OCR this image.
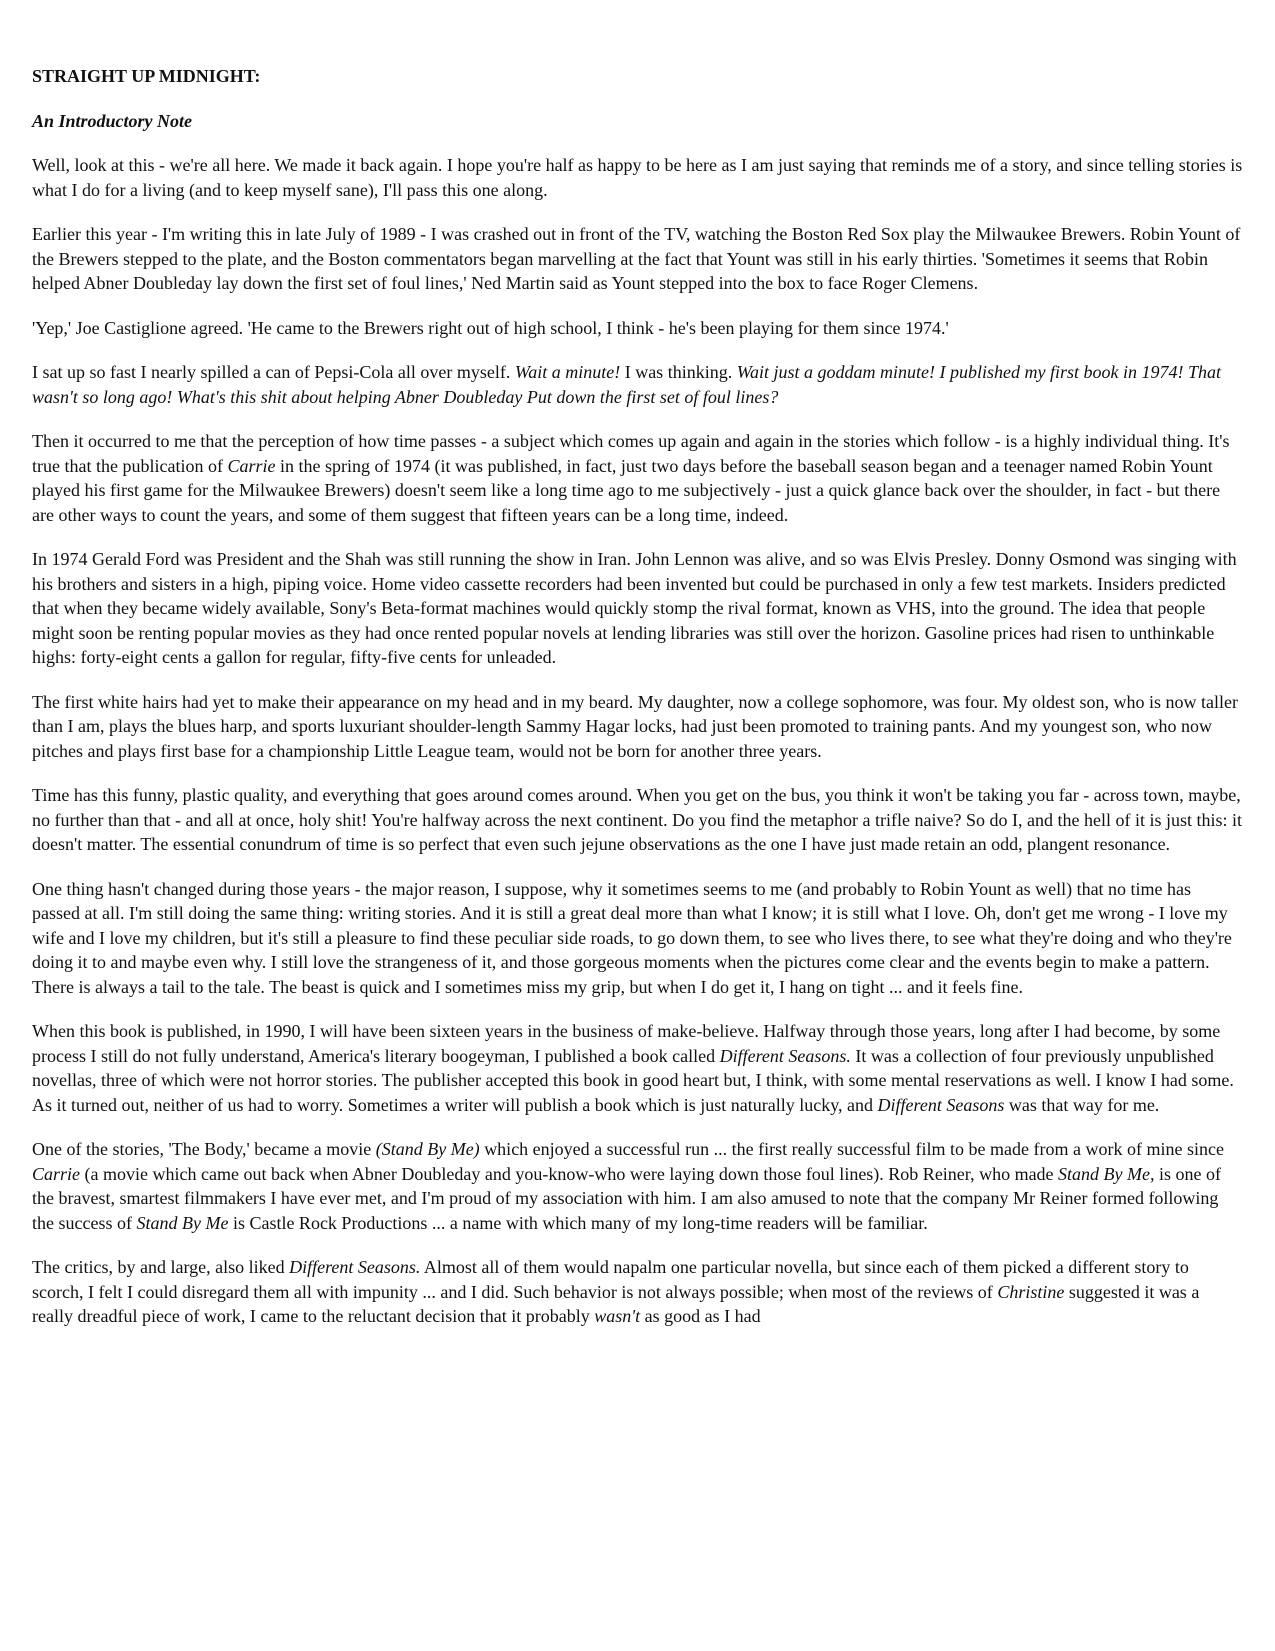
STRAIGHT UP MIDNIGHT:
An Introductory Note

Well, look at this - we're all here. We made it back again. I hope you're half as happy to be here as I am just saying that reminds me of a story, and since telling stories is what I do for a living (and to keep myself sane), I'll pass this one along.

Earlier this year - I'm writing this in late July of 1989 - I was crashed out in front of the TV, watching the Boston Red Sox play the Milwaukee Brewers. Robin Yount of the Brewers stepped to the plate, and the Boston commentators began marvelling at the fact that Yount was still in his early thirties. 'Sometimes it seems that Robin helped Abner Doubleday lay down the first set of foul lines,' Ned Martin said as Yount stepped into the box to face Roger Clemens.

'Yep,' Joe Castiglione agreed. 'He came to the Brewers right out of high school, I think - he's been playing for them since 1974.'

I sat up so fast I nearly spilled a can of Pepsi-Cola all over myself. Wait a minute! I was thinking. Wait just a goddam minute! I published my first book in 1974! That wasn't so long ago! What's this shit about helping Abner Doubleday Put down the first set of foul lines?

Then it occurred to me that the perception of how time passes - a subject which comes up again and again in the stories which follow - is a highly individual thing. It's true that the publication of Carrie in the spring of 1974 (it was published, in fact, just two days before the baseball season began and a teenager named Robin Yount played his first game for the Milwaukee Brewers) doesn't seem like a long time ago to me subjectively - just a quick glance back over the shoulder, in fact - but there are other ways to count the years, and some of them suggest that fifteen years can be a long time, indeed.

In 1974 Gerald Ford was President and the Shah was still running the show in Iran. John Lennon was alive, and so was Elvis Presley. Donny Osmond was singing with his brothers and sisters in a high, piping voice. Home video cassette recorders had been invented but could be purchased in only a few test markets. Insiders predicted that when they became widely available, Sony's Beta-format machines would quickly stomp the rival format, known as VHS, into the ground. The idea that people might soon be renting popular movies as they had once rented popular novels at lending libraries was still over the horizon. Gasoline prices had risen to unthinkable highs: forty-eight cents a gallon for regular, fifty-five cents for unleaded.

The first white hairs had yet to make their appearance on my head and in my beard. My daughter, now a college sophomore, was four. My oldest son, who is now taller than I am, plays the blues harp, and sports luxuriant shoulder-length Sammy Hagar locks, had just been promoted to training pants. And my youngest son, who now pitches and plays first base for a championship Little League team, would not be born for another three years.

Time has this funny, plastic quality, and everything that goes around comes around. When you get on the bus, you think it won't be taking you far - across town, maybe, no further than that - and all at once, holy shit! You're halfway across the next continent. Do you find the metaphor a trifle naive? So do I, and the hell of it is just this: it doesn't matter. The essential conundrum of time is so perfect that even such jejune observations as the one I have just made retain an odd, plangent resonance.

One thing hasn't changed during those years - the major reason, I suppose, why it sometimes seems to me (and probably to Robin Yount as well) that no time has passed at all. I'm still doing the same thing: writing stories. And it is still a great deal more than what I know; it is still what I love. Oh, don't get me wrong - I love my wife and I love my children, but it's still a pleasure to find these peculiar side roads, to go down them, to see who lives there, to see what they're doing and who they're doing it to and maybe even why. I still love the strangeness of it, and those gorgeous moments when the pictures come clear and the events begin to make a pattern. There is always a tail to the tale. The beast is quick and I sometimes miss my grip, but when I do get it, I hang on tight ... and it feels fine.

When this book is published, in 1990, I will have been sixteen years in the business of make-believe. Halfway through those years, long after I had become, by some process I still do not fully understand, America's literary boogeyman, I published a book called Different Seasons. It was a collection of four previously unpublished novellas, three of which were not horror stories. The publisher accepted this book in good heart but, I think, with some mental reservations as well. I know I had some. As it turned out, neither of us had to worry. Sometimes a writer will publish a book which is just naturally lucky, and Different Seasons was that way for me.

One of the stories, 'The Body,' became a movie (Stand By Me) which enjoyed a successful run ... the first really successful film to be made from a work of mine since Carrie (a movie which came out back when Abner Doubleday and you-know-who were laying down those foul lines). Rob Reiner, who made Stand By Me, is one of the bravest, smartest filmmakers I have ever met, and I'm proud of my association with him. I am also amused to note that the company Mr Reiner formed following the success of Stand By Me is Castle Rock Productions ... a name with which many of my long-time readers will be familiar.

The critics, by and large, also liked Different Seasons. Almost all of them would napalm one particular novella, but since each of them picked a different story to scorch, I felt I could disregard them all with impunity ... and I did. Such behavior is not always possible; when most of the reviews of Christine suggested it was a really dreadful piece of work, I came to the reluctant decision that it probably wasn't as good as I had
